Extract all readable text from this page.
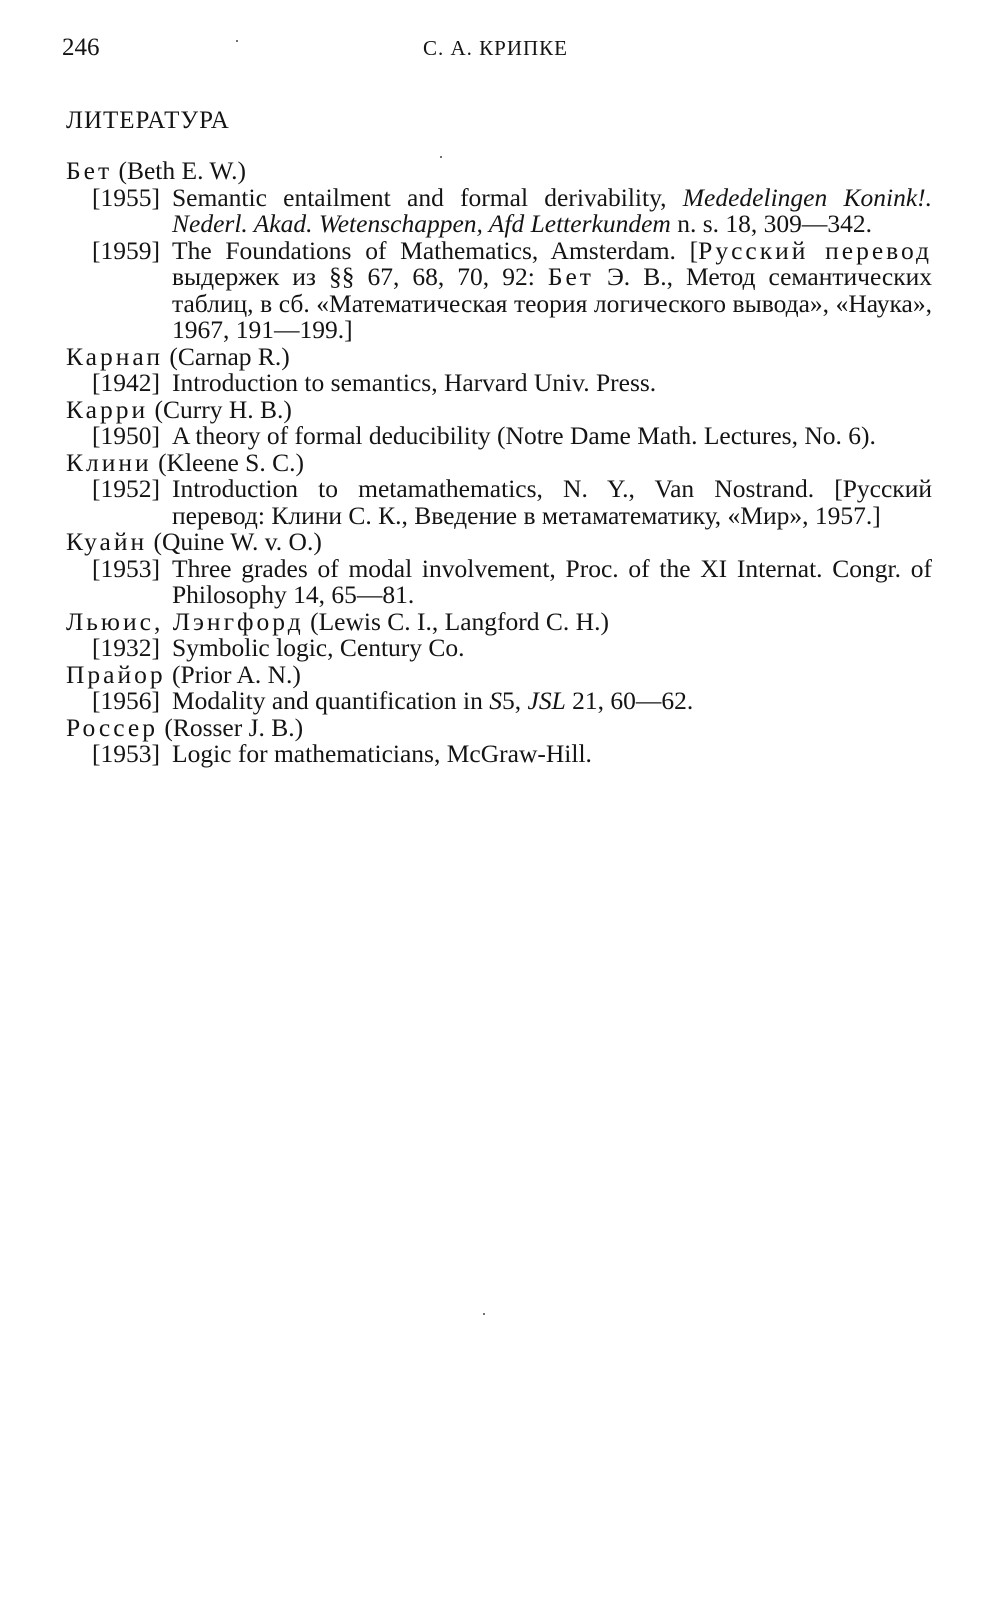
246	С. А. КРИПКЕ
ЛИТЕРАТУРА

Бет (Beth E. W.)

[1955] Semantic entailment and formal derivability, Mededelingen Konink!. Nederl. Akad. Wetenschappen, Afd Letterkundem n. s. 18, 309—342.

[1959] The Foundations of Mathematics, Amsterdam. [Русский перевод выдержек из §§ 67, 68, 70, 92: Бет Э. В., Метод семантических таблиц, в сб. «Математическая теория логического вывода», «Наука», 1967, 191—199.]

Карнап (Carnap R.)

[1942] Introduction to semantics, Harvard Univ. Press.

Карри (Curry H. B.)

[1950] A theory of formal deducibility (Notre Dame Math. Lectures, No. 6).

Клини (Kleene S. C.)

[1952] Introduction to metamathematics, N. Y., Van Nostrand. [Русский перевод: Клини С. К., Введение в метаматематику, «Мир», 1957.]

Куайн (Quine W. v. O.)

[1953] Three grades of modal involvement, Proc. of the XI Internat. Congr. of Philosophy 14, 65—81.

Льюис, Лэнгфорд (Lewis C. I., Langford C. H.)

[1932] Symbolic logic, Century Co.

Прайор (Prior A. N.)

[1956] Modality and quantification in S5, JSL 21, 60—62.

Россер (Rosser J. B.)

[1953] Logic for mathematicians, McGraw-Hill.
